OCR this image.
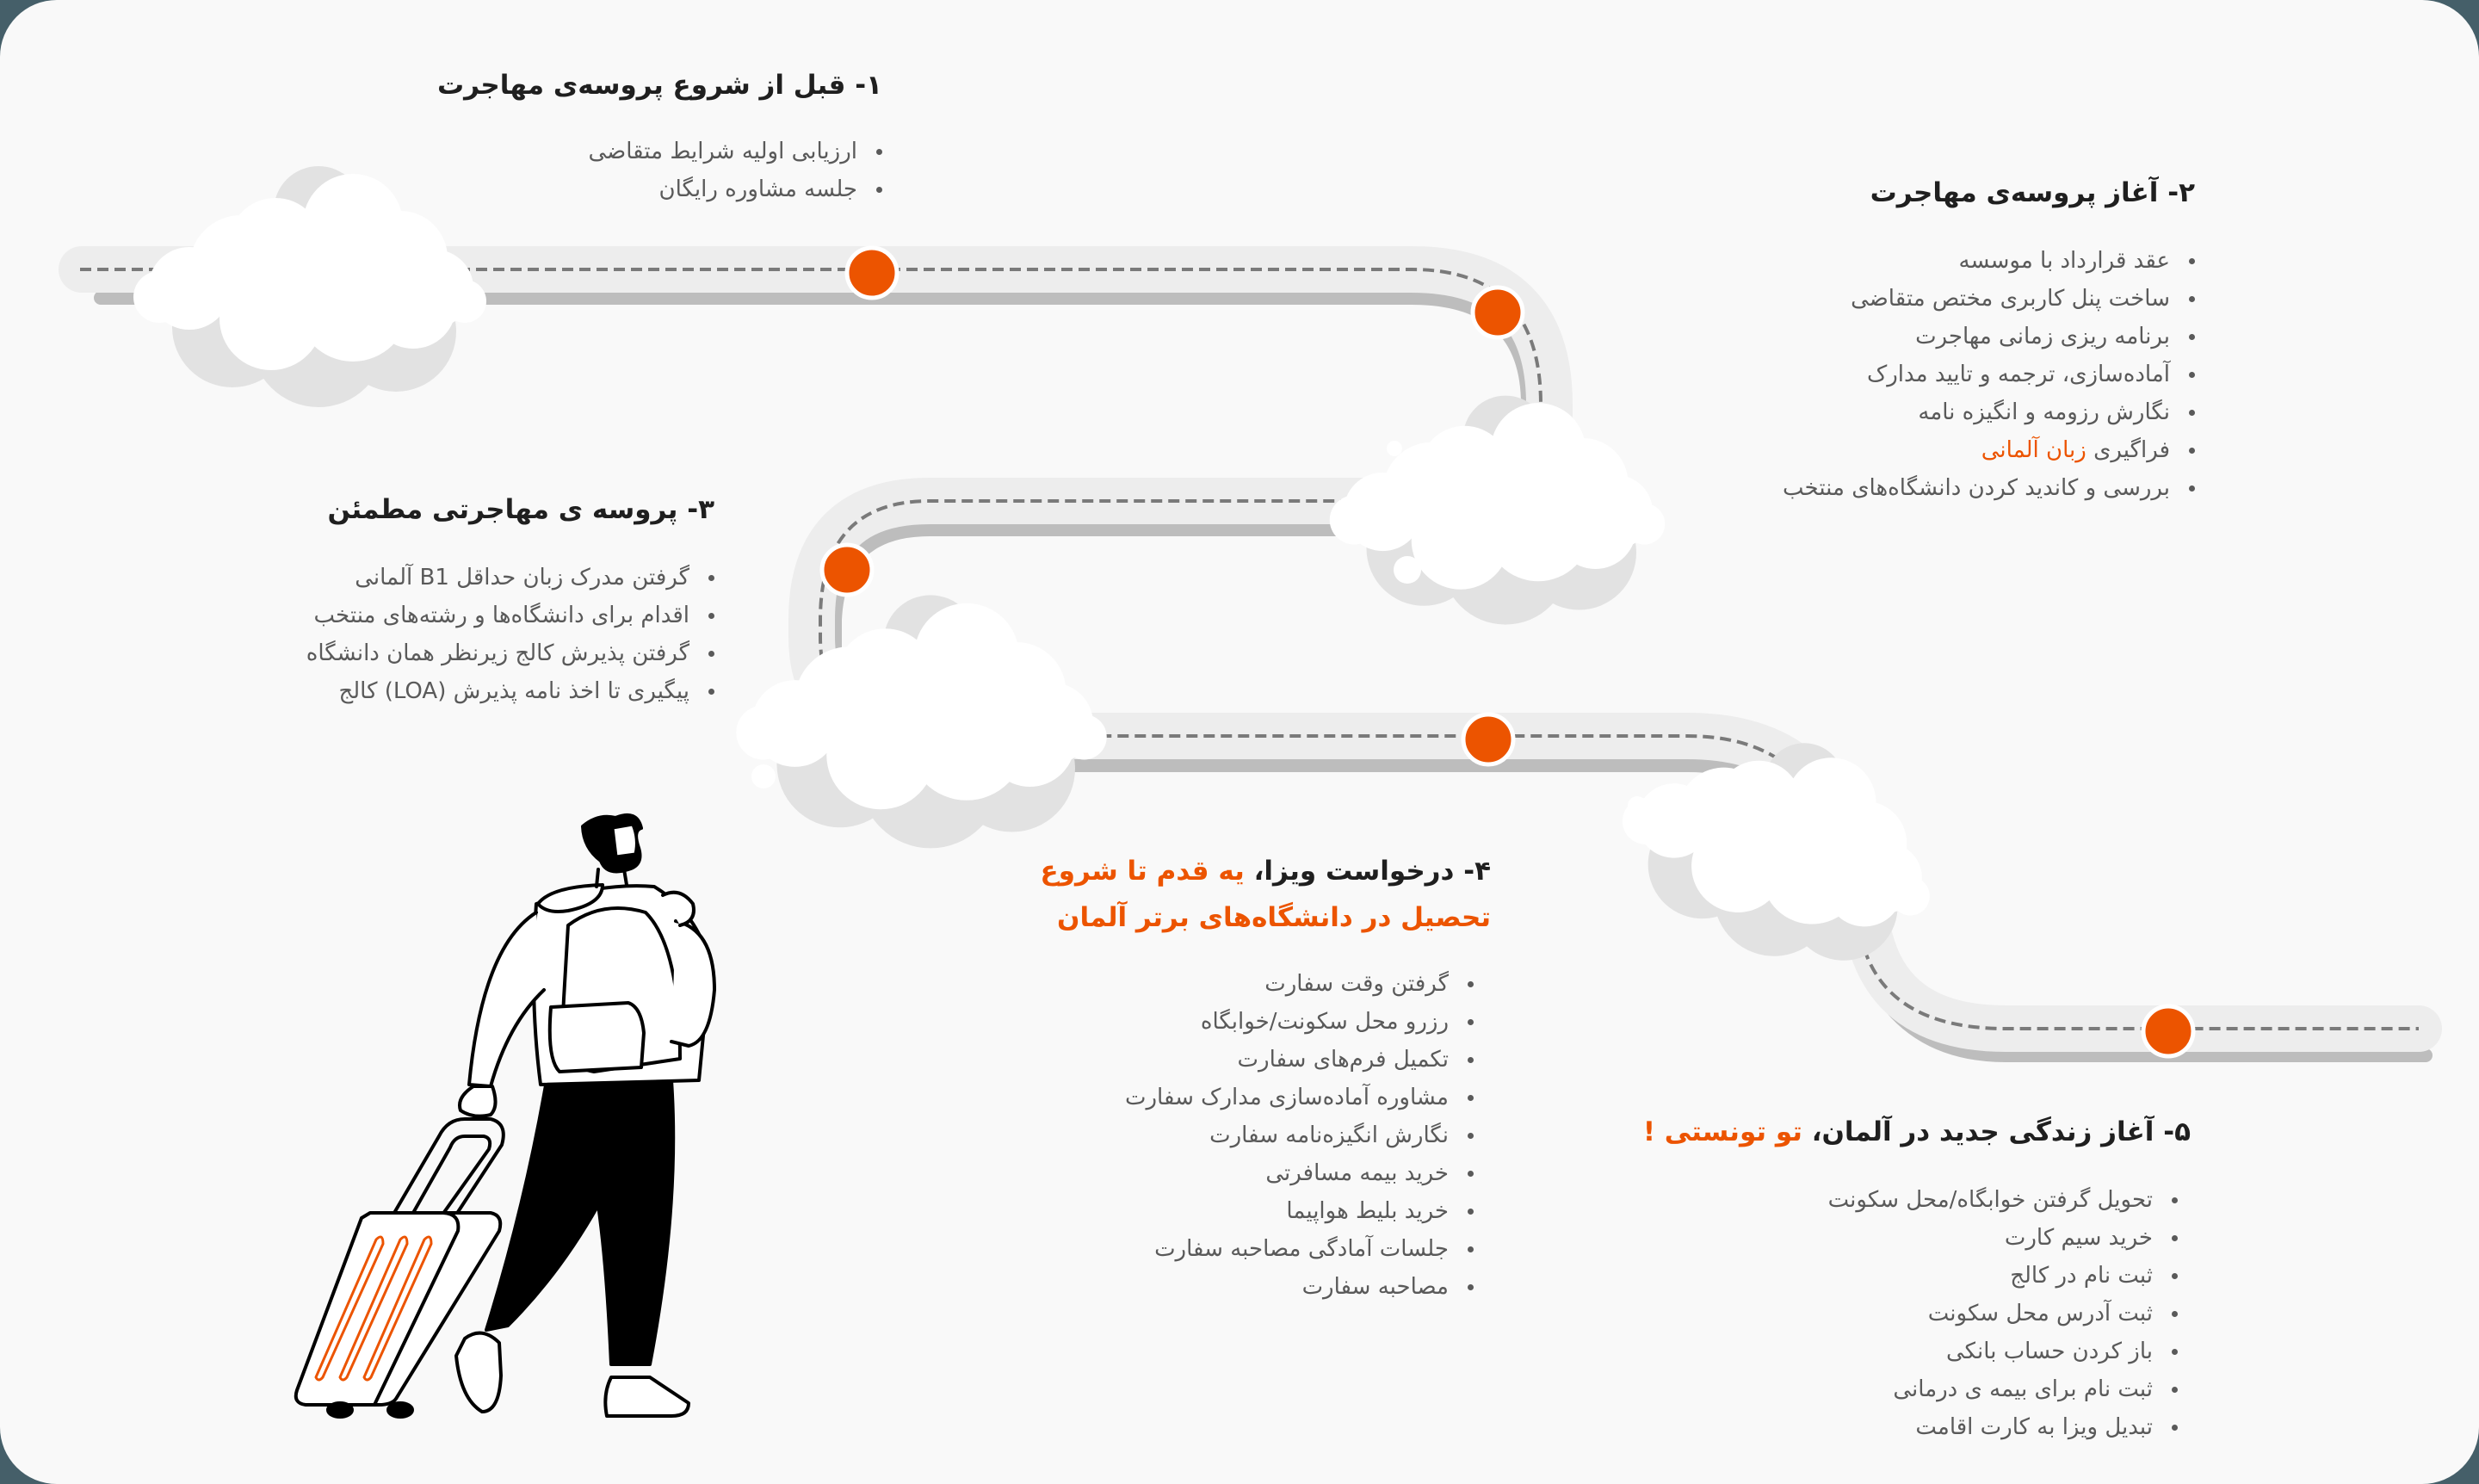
۱- قبل از شروع پروسه‌ی مهاجرت
ارزیابی اولیه شرایط متقاضی
جلسه مشاوره رایگان	۲- آغاز پروسه‌ی مهاجرت
عقد قرارداد با موسسه
ساخت پنل کاربری مختص متقاضی
برنامه ریزی زمانی مهاجرت
آماده‌سازی، ترجمه و تایید مدارک
نگارش رزومه و انگیزه نامه
فراگیری زبان آلمانی
بررسی و کاندید کردن دانشگاه‌های منتخب
۳- پروسه ی مهاجرتی مطمئن
گرفتن مدرک زبان حداقل B1 آلمانی
اقدام برای دانشگاه‌ها و رشته‌های منتخب
گرفتن پذیرش کالج زیرنظر همان دانشگاه
پیگیری تا اخذ نامه پذیرش (LOA) کالج
۴- درخواست ویزا، یه قدم تا شروع
تحصیل در دانشگاه‌های برتر آلمان
گرفتن وقت سفارت
رزرو محل سکونت/خوابگاه
تکمیل فرم‌های سفارت
مشاوره آماده‌سازی مدارک سفارت
نگارش انگیزه‌نامه سفارت
خرید بیمه مسافرتی
خرید بلیط هواپیما
جلسات آمادگی مصاحبه سفارت
مصاحبه سفارت
۵- آغاز زندگی جدید در آلمان، تو تونستی !
تحویل گرفتن خوابگاه/محل سکونت
خرید سیم کارت
ثبت نام در کالج
ثبت آدرس محل سکونت
باز کردن حساب بانکی
ثبت نام برای بیمه ی درمانی
تبدیل ویزا به کارت اقامت
